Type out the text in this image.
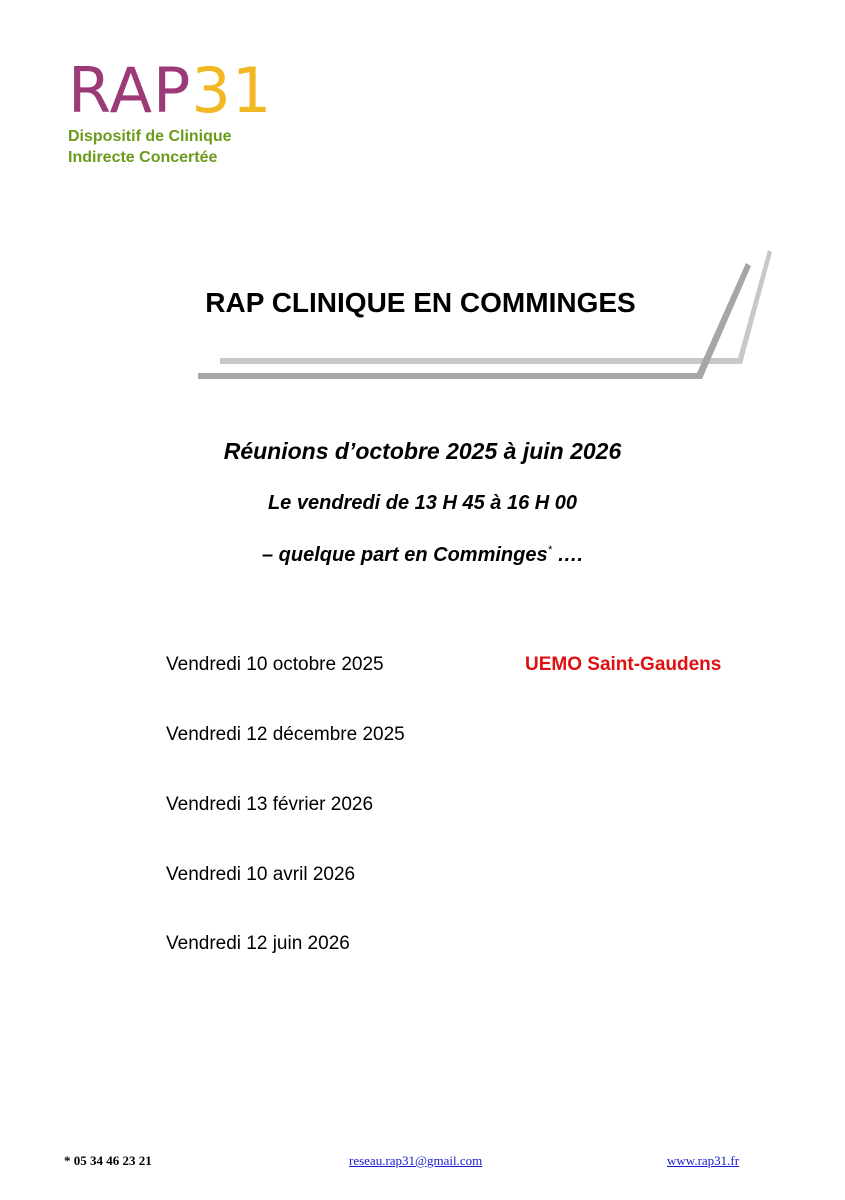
RAP31
Dispositif de Clinique
Indirecte Concertée
RAP CLINIQUE EN COMMINGES
Réunions d’octobre 2025 à juin 2026
Le vendredi de 13 H 45 à 16 H 00
– quelque part en Comminges* ….
Vendredi 10 octobre 2025	UEMO Saint-Gaudens
Vendredi 12 décembre 2025
Vendredi 13 février 2026
Vendredi 10 avril 2026
Vendredi 12 juin 2026
* 05 34 46 23 21	reseau.rap31@gmail.com	www.rap31.fr
